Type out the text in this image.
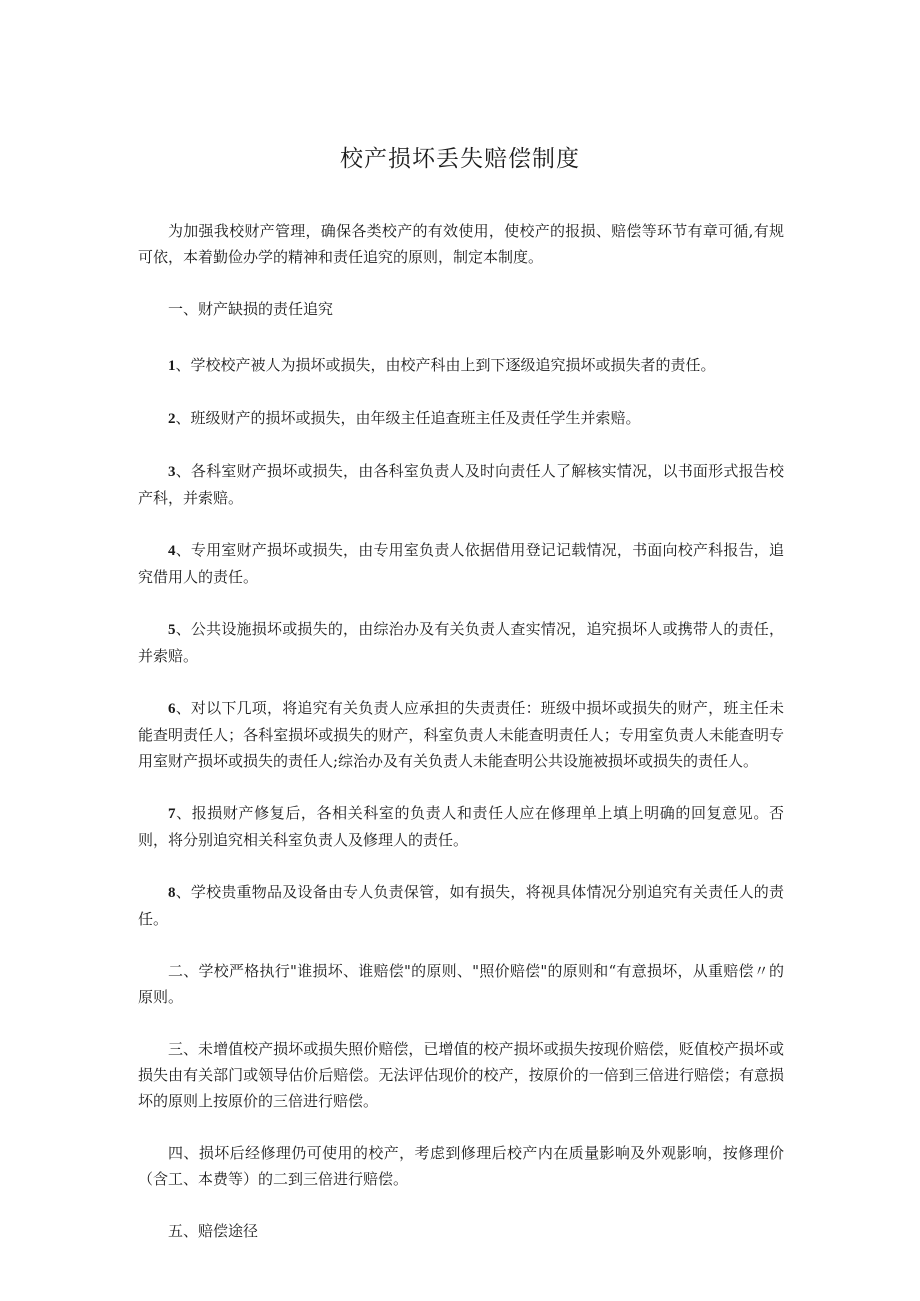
校产损坏丢失赔偿制度

为加强我校财产管理，确保各类校产的有效使用，使校产的报损、赔偿等环节有章可循,有规可依，本着勤俭办学的精神和责任追究的原则，制定本制度。

一、财产缺损的责任追究

1、学校校产被人为损坏或损失，由校产科由上到下逐级追究损坏或损失者的责任。

2、班级财产的损坏或损失，由年级主任追查班主任及责任学生并索赔。

3、各科室财产损坏或损失，由各科室负责人及时向责任人了解核实情况，以书面形式报告校产科，并索赔。

4、专用室财产损坏或损失，由专用室负责人依据借用登记记载情况，书面向校产科报告，追究借用人的责任。

5、公共设施损坏或损失的，由综治办及有关负责人查实情况，追究损坏人或携带人的责任，并索赔。

6、对以下几项，将追究有关负责人应承担的失责责任：班级中损坏或损失的财产，班主任未能查明责任人；各科室损坏或损失的财产，科室负责人未能查明责任人；专用室负责人未能查明专用室财产损坏或损失的责任人;综治办及有关负责人未能查明公共设施被损坏或损失的责任人。

7、报损财产修复后，各相关科室的负责人和责任人应在修理单上填上明确的回复意见。否则，将分别追究相关科室负责人及修理人的责任。

8、学校贵重物品及设备由专人负责保管，如有损失，将视具体情况分别追究有关责任人的责任。

二、学校严格执行"谁损坏、谁赔偿"的原则、"照价赔偿"的原则和“有意损坏，从重赔偿〃的原则。

三、未增值校产损坏或损失照价赔偿，已增值的校产损坏或损失按现价赔偿，贬值校产损坏或损失由有关部门或领导估价后赔偿。无法评估现价的校产，按原价的一倍到三倍进行赔偿；有意损坏的原则上按原价的三倍进行赔偿。

四、损坏后经修理仍可使用的校产，考虑到修理后校产内在质量影响及外观影响，按修理价（含工、本费等）的二到三倍进行赔偿。

五、赔偿途径
